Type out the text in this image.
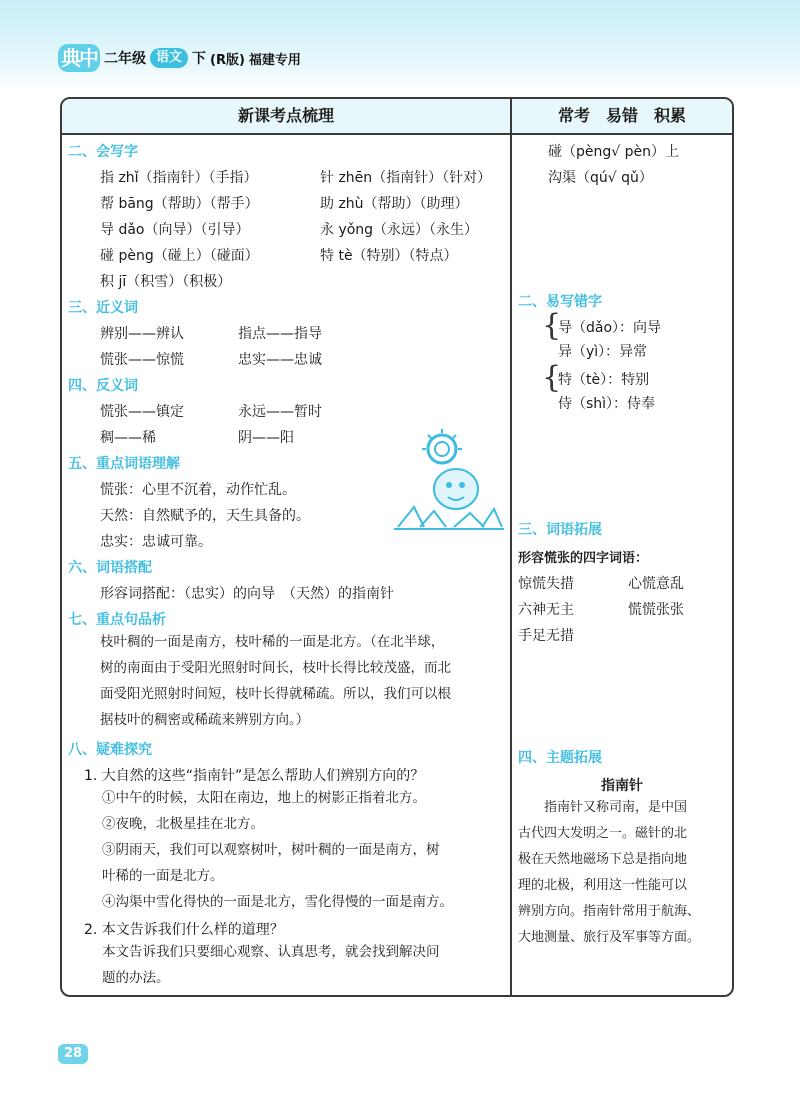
典中 二年级 语文 下 (R版) 福建专用
新课考点梳理	常考　易错　积累
二、会写字
指 zhǐ（指南针）（手指）	针 zhēn（指南针）（针对）
帮 bāng（帮助）（帮手）	助 zhù（帮助）（助理）
导 dǎo（向导）（引导）	永 yǒng（永远）（永生）
碰 pèng（碰上）（碰面）	特 tè（特别）（特点）
积 jī（积雪）（积极）
三、近义词
辨别——辨认	指点——指导
慌张——惊慌	忠实——忠诚
四、反义词
慌张——镇定	永远——暂时
稠——稀	阴——阳
五、重点词语理解
慌张：心里不沉着，动作忙乱。
天然：自然赋予的，天生具备的。
忠实：忠诚可靠。
六、词语搭配
形容词搭配：（忠实）的向导　（天然）的指南针
七、重点句品析
枝叶稠的一面是南方，枝叶稀的一面是北方。（在北半球，
树的南面由于受阳光照射时间长，枝叶长得比较茂盛，而北
面受阳光照射时间短，枝叶长得就稀疏。所以，我们可以根
据枝叶的稠密或稀疏来辨别方向。）
八、疑难探究
1. 大自然的这些“指南针”是怎么帮助人们辨别方向的？
①中午的时候，太阳在南边，地上的树影正指着北方。
②夜晚，北极星挂在北方。
③阴雨天，我们可以观察树叶，树叶稠的一面是南方，树
叶稀的一面是北方。
④沟渠中雪化得快的一面是北方，雪化得慢的一面是南方。
2. 本文告诉我们什么样的道理？
本文告诉我们只要细心观察、认真思考，就会找到解决问
题的办法。
碰（pèng√ pèn）上
沟渠（qú√ qǔ）
二、易写错字
{
导（dǎo）：向导
异（yì）：异常
{
特（tè）：特别
侍（shì）：侍奉
三、词语拓展
形容慌张的四字词语：
惊慌失措	心慌意乱
六神无主	慌慌张张
手足无措
四、主题拓展
指南针
　　指南针又称司南，是中国
古代四大发明之一。磁针的北
极在天然地磁场下总是指向地
理的北极，利用这一性能可以
辨别方向。指南针常用于航海、
大地测量、旅行及军事等方面。
28
